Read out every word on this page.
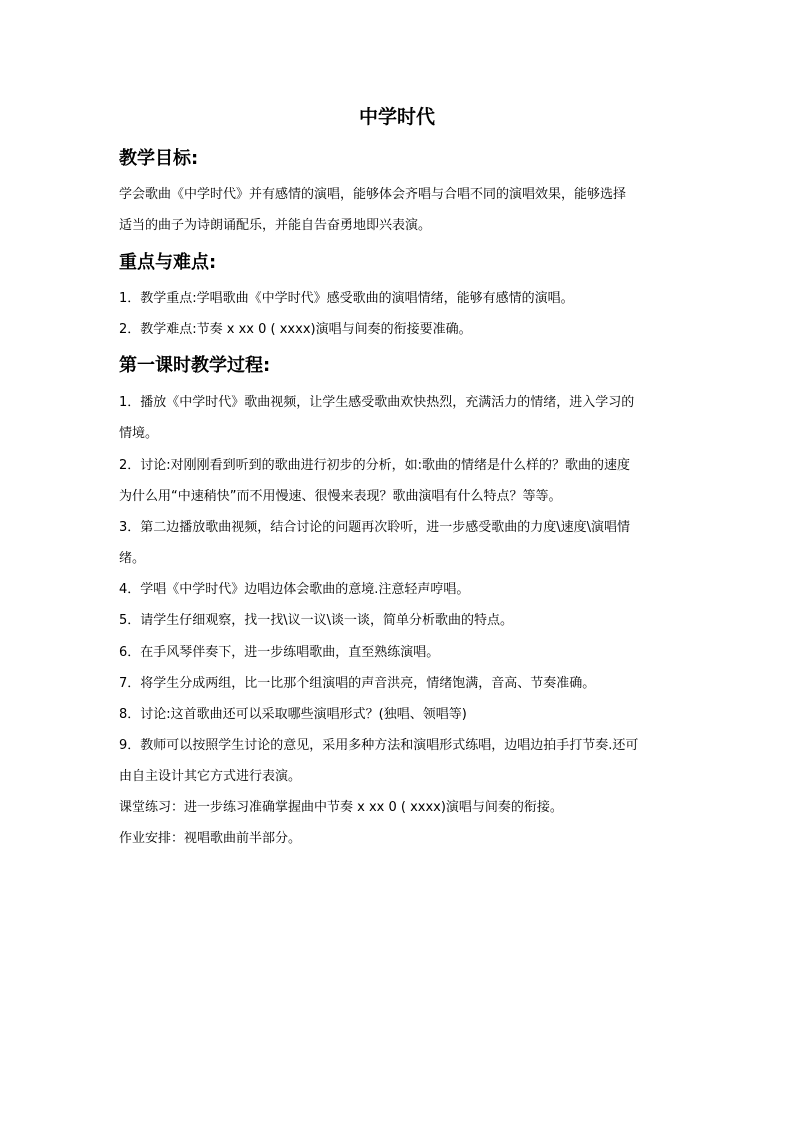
中学时代
教学目标:
学会歌曲《中学时代》并有感情的演唱，能够体会齐唱与合唱不同的演唱效果，能够选择
适当的曲子为诗朗诵配乐，并能自告奋勇地即兴表演。
重点与难点:
1．教学重点:学唱歌曲《中学时代》感受歌曲的演唱情绪，能够有感情的演唱。
2．教学难点:节奏 x xx 0 ( xxxx)演唱与间奏的衔接要准确。
第一课时教学过程:
1．播放《中学时代》歌曲视频，让学生感受歌曲欢快热烈，充满活力的情绪，进入学习的
情境。
2．讨论:对刚刚看到听到的歌曲进行初步的分析，如:歌曲的情绪是什么样的？歌曲的速度
为什么用“中速稍快”而不用慢速、很慢来表现？歌曲演唱有什么特点？等等。
3．第二边播放歌曲视频，结合讨论的问题再次聆听，进一步感受歌曲的力度\速度\演唱情
绪。
4．学唱《中学时代》边唱边体会歌曲的意境.注意轻声哼唱。
5．请学生仔细观察，找一找\议一议\谈一谈，简单分析歌曲的特点。
6．在手风琴伴奏下，进一步练唱歌曲，直至熟练演唱。
7．将学生分成两组，比一比那个组演唱的声音洪亮，情绪饱满，音高、节奏准确。
8．讨论:这首歌曲还可以采取哪些演唱形式？(独唱、领唱等)
9．教师可以按照学生讨论的意见，采用多种方法和演唱形式练唱，边唱边拍手打节奏.还可
由自主设计其它方式进行表演。
课堂练习：进一步练习准确掌握曲中节奏 x xx 0 ( xxxx)演唱与间奏的衔接。
作业安排：视唱歌曲前半部分。
